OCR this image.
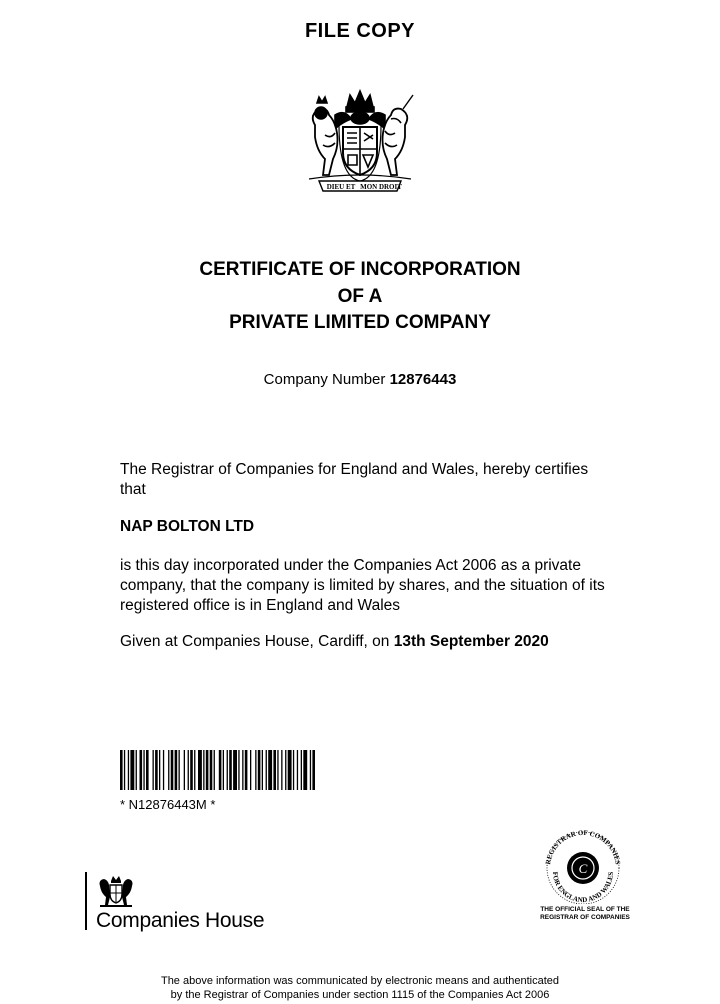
FILE COPY
DIEU ET MON DROIT
CERTIFICATE OF INCORPORATION
OF A
PRIVATE LIMITED COMPANY
Company Number 12876443
The Registrar of Companies for England and Wales, hereby certifies
that
NAP BOLTON LTD
is this day incorporated under the Companies Act 2006 as a private
company, that the company is limited by shares, and the situation of its
registered office is in England and Wales
Given at Companies House, Cardiff, on 13th September 2020
* N12876443M *
Companies House
C
REGISTRAR OF COMPANIES
FOR ENGLAND AND WALES
THE OFFICIAL SEAL OF THE
REGISTRAR OF COMPANIES
The above information was communicated by electronic means and authenticated
by the Registrar of Companies under section 1115 of the Companies Act 2006
